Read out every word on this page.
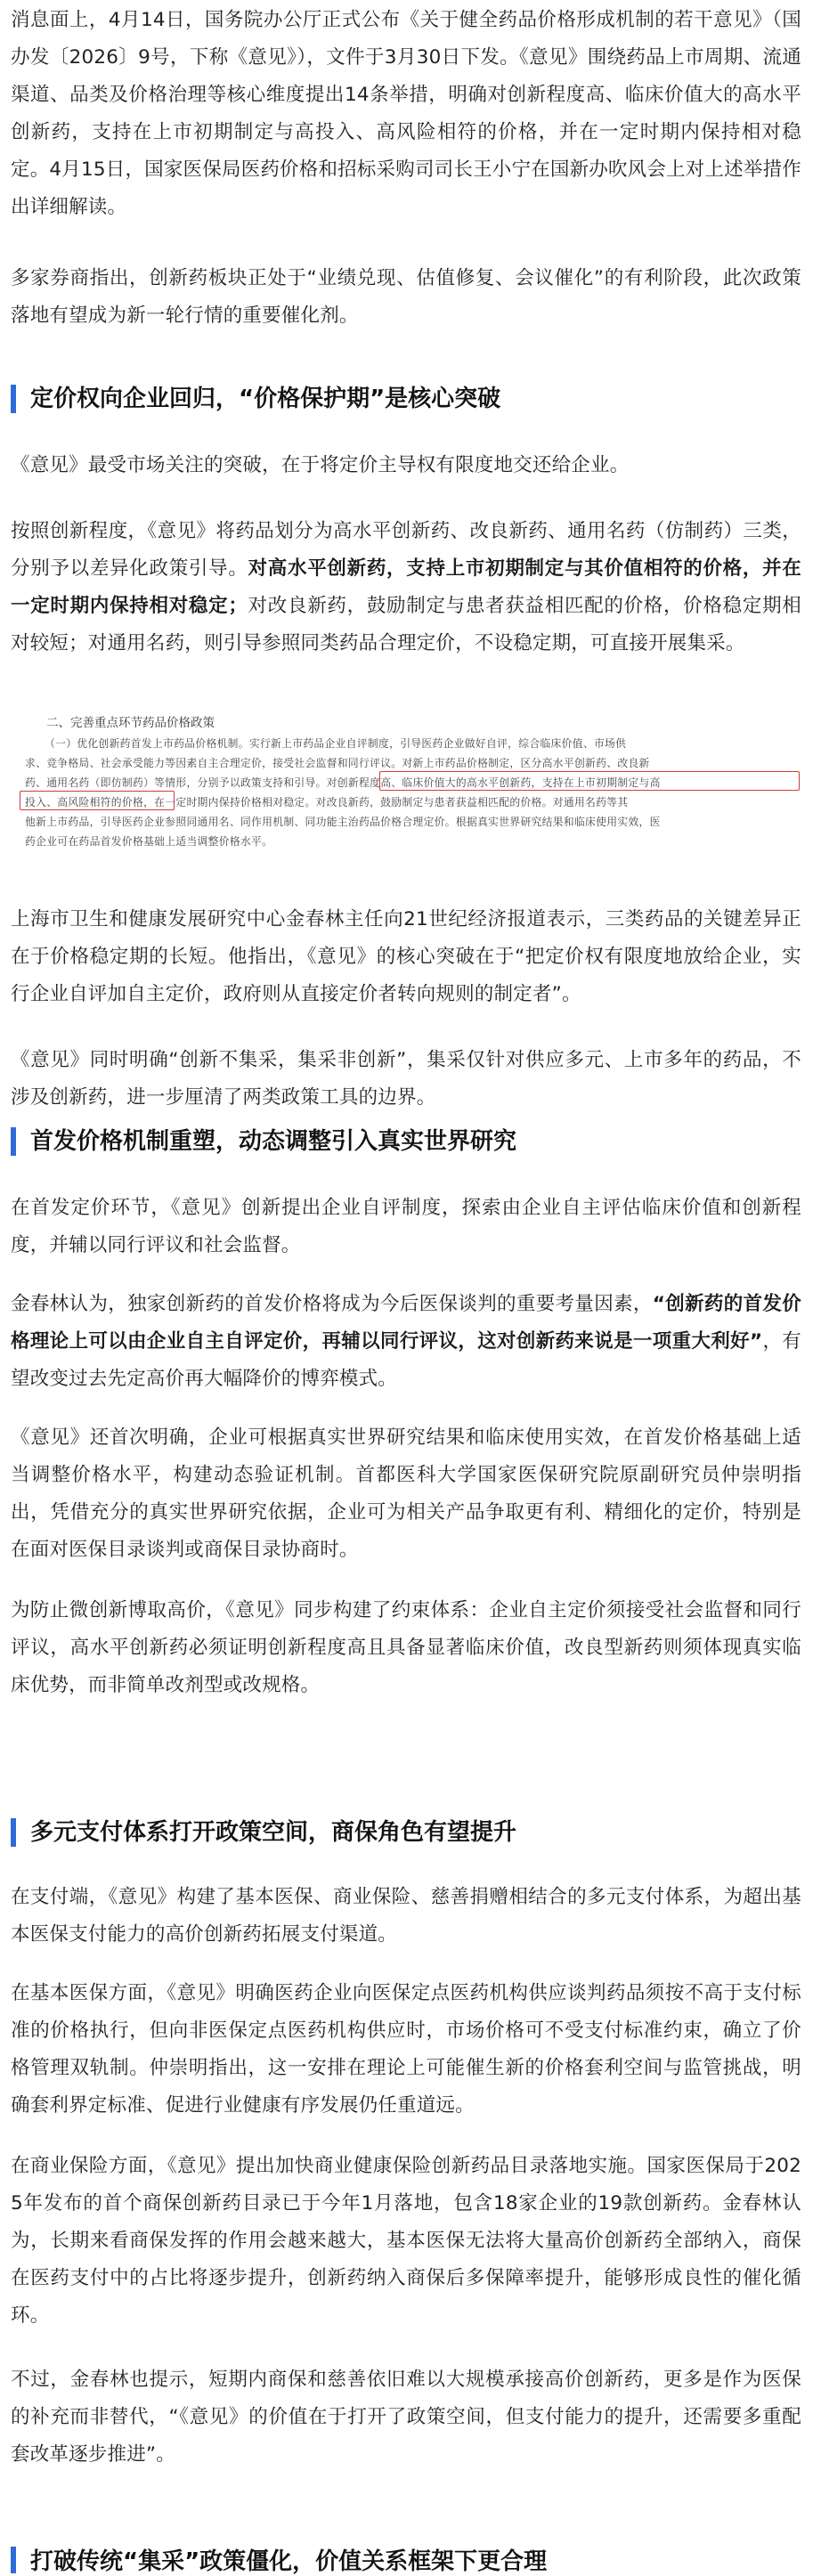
消息面上，4月14日，国务院办公厅正式公布《关于健全药品价格形成机制的若干意见》（国办发〔2026〕9号，下称《意见》），文件于3月30日下发。《意见》围绕药品上市周期、流通渠道、品类及价格治理等核心维度提出14条举措，明确对创新程度高、临床价值大的高水平创新药，支持在上市初期制定与高投入、高风险相符的价格，并在一定时期内保持相对稳定。4月15日，国家医保局医药价格和招标采购司司长王小宁在国新办吹风会上对上述举措作出详细解读。

多家券商指出，创新药板块正处于“业绩兑现、估值修复、会议催化”的有利阶段，此次政策落地有望成为新一轮行情的重要催化剂。

定价权向企业回归，“价格保护期”是核心突破

《意见》最受市场关注的突破，在于将定价主导权有限度地交还给企业。

按照创新程度，《意见》将药品划分为高水平创新药、改良新药、通用名药（仿制药）三类，分别予以差异化政策引导。对高水平创新药，支持上市初期制定与其价值相符的价格，并在一定时期内保持相对稳定；对改良新药，鼓励制定与患者获益相匹配的价格，价格稳定期相对较短；对通用名药，则引导参照同类药品合理定价，不设稳定期，可直接开展集采。

二、完善重点环节药品价格政策
（一）优化创新药首发上市药品价格机制。实行新上市药品企业自评制度，引导医药企业做好自评，综合临床价值、市场供
求、竞争格局、社会承受能力等因素自主合理定价，接受社会监督和同行评议。对新上市药品价格制定，区分高水平创新药、改良新
药、通用名药（即仿制药）等情形，分别予以政策支持和引导。对创新程度高、临床价值大的高水平创新药，支持在上市初期制定与高
投入、高风险相符的价格，在一定时期内保持价格相对稳定。对改良新药，鼓励制定与患者获益相匹配的价格。对通用名药等其
他新上市药品，引导医药企业参照同通用名、同作用机制、同功能主治药品价格合理定价。根据真实世界研究结果和临床使用实效，医
药企业可在药品首发价格基础上适当调整价格水平。

上海市卫生和健康发展研究中心金春林主任向21世纪经济报道表示，三类药品的关键差异正在于价格稳定期的长短。他指出，《意见》的核心突破在于“把定价权有限度地放给企业，实行企业自评加自主定价，政府则从直接定价者转向规则的制定者”。

《意见》同时明确“创新不集采，集采非创新”，集采仅针对供应多元、上市多年的药品，不涉及创新药，进一步厘清了两类政策工具的边界。

首发价格机制重塑，动态调整引入真实世界研究

在首发定价环节，《意见》创新提出企业自评制度，探索由企业自主评估临床价值和创新程度，并辅以同行评议和社会监督。

金春林认为，独家创新药的首发价格将成为今后医保谈判的重要考量因素，“创新药的首发价格理论上可以由企业自主自评定价，再辅以同行评议，这对创新药来说是一项重大利好”，有望改变过去先定高价再大幅降价的博弈模式。

《意见》还首次明确，企业可根据真实世界研究结果和临床使用实效，在首发价格基础上适当调整价格水平，构建动态验证机制。首都医科大学国家医保研究院原副研究员仲崇明指出，凭借充分的真实世界研究依据，企业可为相关产品争取更有利、精细化的定价，特别是在面对医保目录谈判或商保目录协商时。

为防止微创新博取高价，《意见》同步构建了约束体系：企业自主定价须接受社会监督和同行评议，高水平创新药必须证明创新程度高且具备显著临床价值，改良型新药则须体现真实临床优势，而非简单改剂型或改规格。

多元支付体系打开政策空间，商保角色有望提升

在支付端，《意见》构建了基本医保、商业保险、慈善捐赠相结合的多元支付体系，为超出基本医保支付能力的高价创新药拓展支付渠道。

在基本医保方面，《意见》明确医药企业向医保定点医药机构供应谈判药品须按不高于支付标准的价格执行，但向非医保定点医药机构供应时，市场价格可不受支付标准约束，确立了价格管理双轨制。仲崇明指出，这一安排在理论上可能催生新的价格套利空间与监管挑战，明确套利界定标准、促进行业健康有序发展仍任重道远。

在商业保险方面，《意见》提出加快商业健康保险创新药品目录落地实施。国家医保局于2025年发布的首个商保创新药目录已于今年1月落地，包含18家企业的19款创新药。金春林认为，长期来看商保发挥的作用会越来越大，基本医保无法将大量高价创新药全部纳入，商保在医药支付中的占比将逐步提升，创新药纳入商保后多保障率提升，能够形成良性的催化循环。

不过，金春林也提示，短期内商保和慈善依旧难以大规模承接高价创新药，更多是作为医保的补充而非替代，“《意见》的价值在于打开了政策空间，但支付能力的提升，还需要多重配套改革逐步推进”。

打破传统“集采”政策僵化，价值关系框架下更合理
